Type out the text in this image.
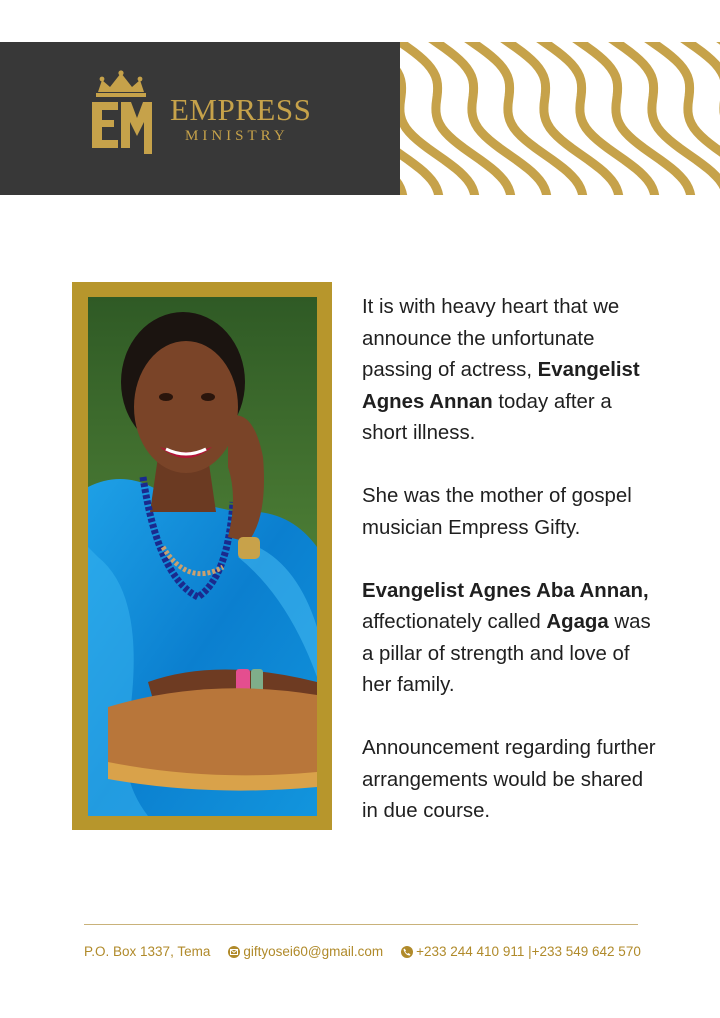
EMPRESS
MINISTRY

It is with heavy heart that we announce the unfortunate passing of actress, Evangelist Agnes Annan today after a short illness.

She was the mother of gospel musician Empress Gifty.

Evangelist Agnes Aba Annan, affectionately called Agaga was a pillar of strength and love of her family.

Announcement regarding further arrangements would be shared in due course.

P.O. Box 1337, Tema giftyosei60@gmail.com +233 244 410 911 |+233 549 642 570
